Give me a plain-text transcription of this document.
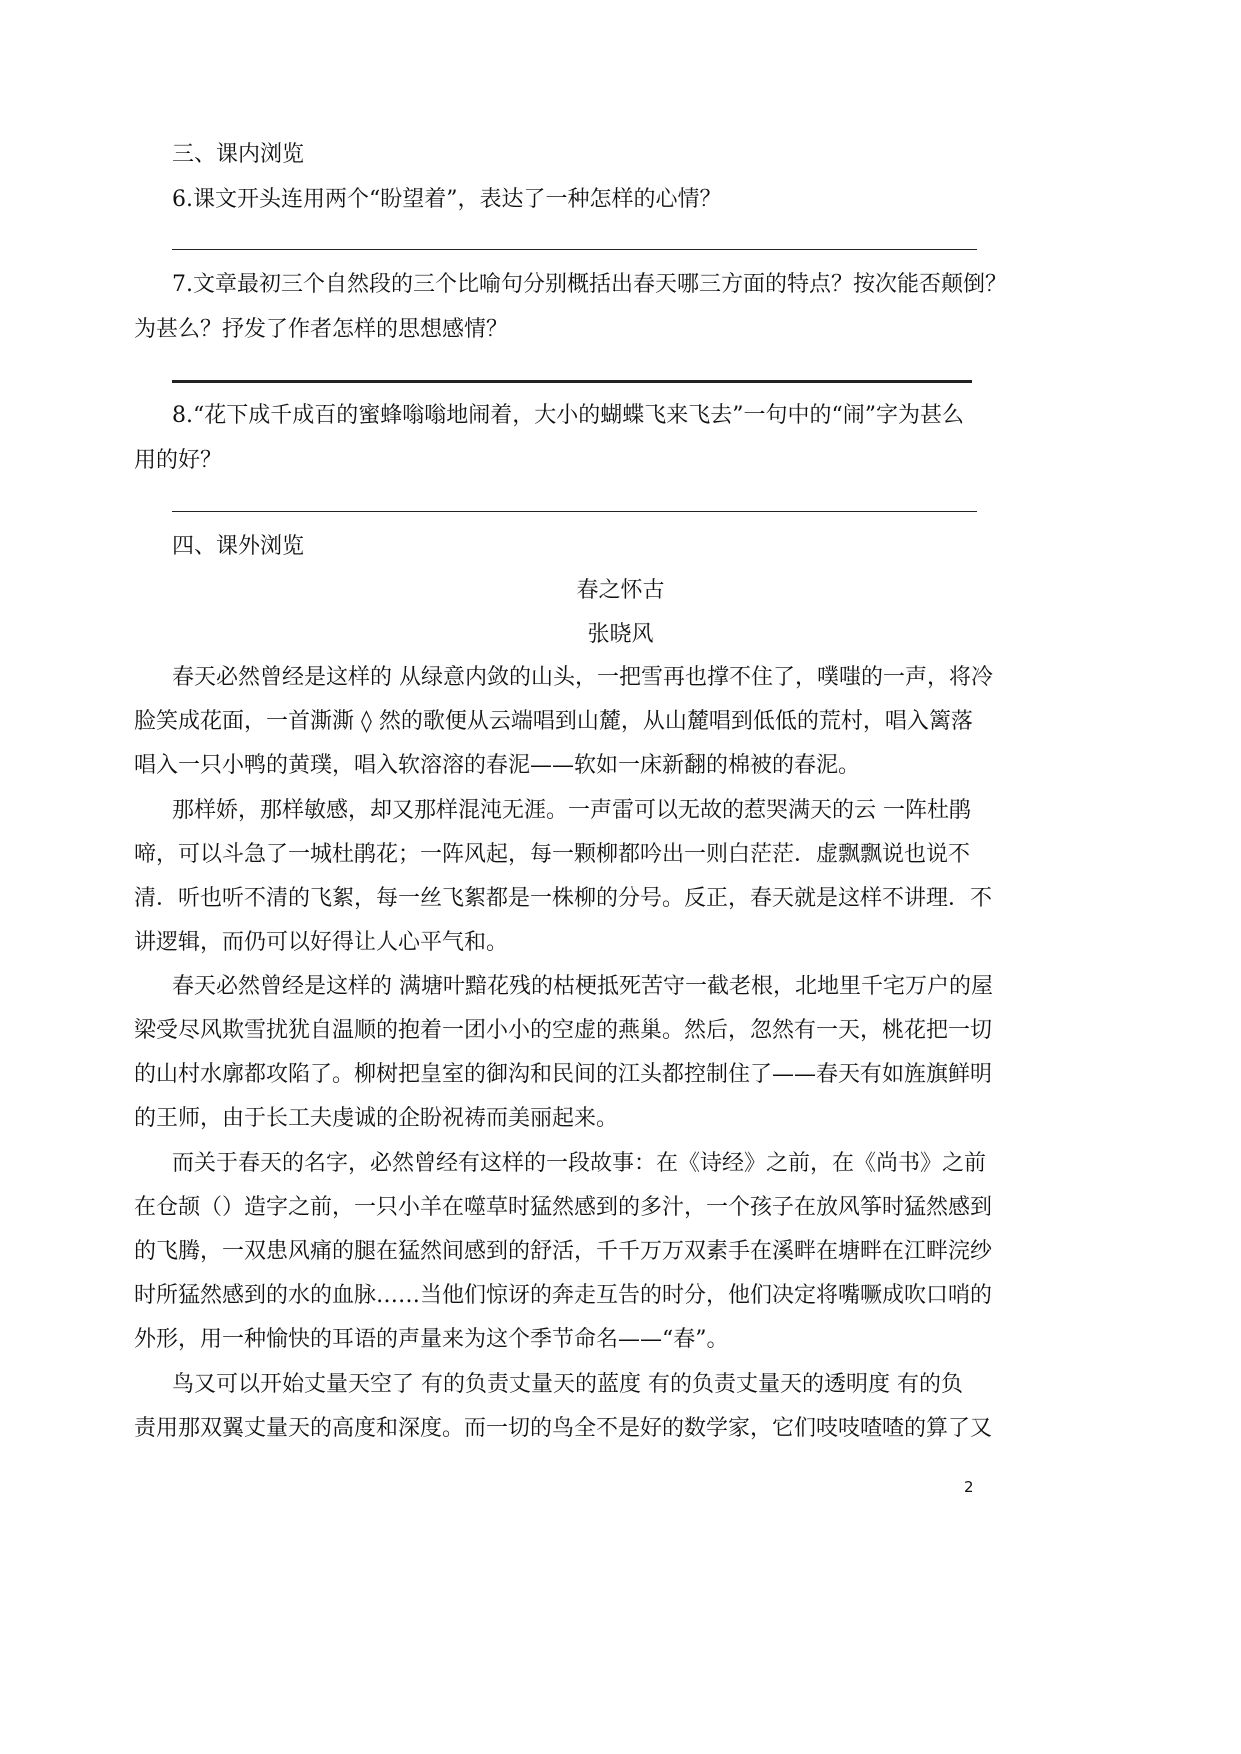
三、课内浏览
6.课文开头连用两个“盼望着”，表达了一种怎样的心情？
7.文章最初三个自然段的三个比喻句分别概括出春天哪三方面的特点？按次能否颠倒？
为甚么？抒发了作者怎样的思想感情？
8.“花下成千成百的蜜蜂嗡嗡地闹着，大小的蝴蝶飞来飞去”一句中的“闹”字为甚么
用的好？
四、课外浏览
春之怀古
张晓风
春天必然曾经是这样的 从绿意内敛的山头，一把雪再也撑不住了，噗嗤的一声，将冷
脸笑成花面，一首澌澌 ◊ 然的歌便从云端唱到山麓，从山麓唱到低低的荒村，唱入篱落
唱入一只小鸭的黄璞，唱入软溶溶的春泥——软如一床新翻的棉被的春泥。
那样娇，那样敏感，却又那样混沌无涯。一声雷可以无故的惹哭满天的云 一阵杜鹃
啼，可以斗急了一城杜鹃花；一阵风起，每一颗柳都吟出一则白茫茫．虚飘飘说也说不
清．听也听不清的飞絮，每一丝飞絮都是一株柳的分号。反正，春天就是这样不讲理．不
讲逻辑，而仍可以好得让人心平气和。
春天必然曾经是这样的 满塘叶黯花残的枯梗抵死苦守一截老根，北地里千宅万户的屋
梁受尽风欺雪扰犹自温顺的抱着一团小小的空虚的燕巢。然后，忽然有一天，桃花把一切
的山村水廓都攻陷了。柳树把皇室的御沟和民间的江头都控制住了——春天有如旌旗鲜明
的王师，由于长工夫虔诚的企盼祝祷而美丽起来。
而关于春天的名字，必然曾经有这样的一段故事：在《诗经》之前，在《尚书》之前
在仓颉（）造字之前，一只小羊在噬草时猛然感到的多汁，一个孩子在放风筝时猛然感到
的飞腾，一双患风痛的腿在猛然间感到的舒活，千千万万双素手在溪畔在塘畔在江畔浣纱
时所猛然感到的水的血脉……当他们惊讶的奔走互告的时分，他们决定将嘴噘成吹口哨的
外形，用一种愉快的耳语的声量来为这个季节命名——“春”。
鸟又可以开始丈量天空了 有的负责丈量天的蓝度 有的负责丈量天的透明度 有的负
责用那双翼丈量天的高度和深度。而一切的鸟全不是好的数学家，它们吱吱喳喳的算了又
2
